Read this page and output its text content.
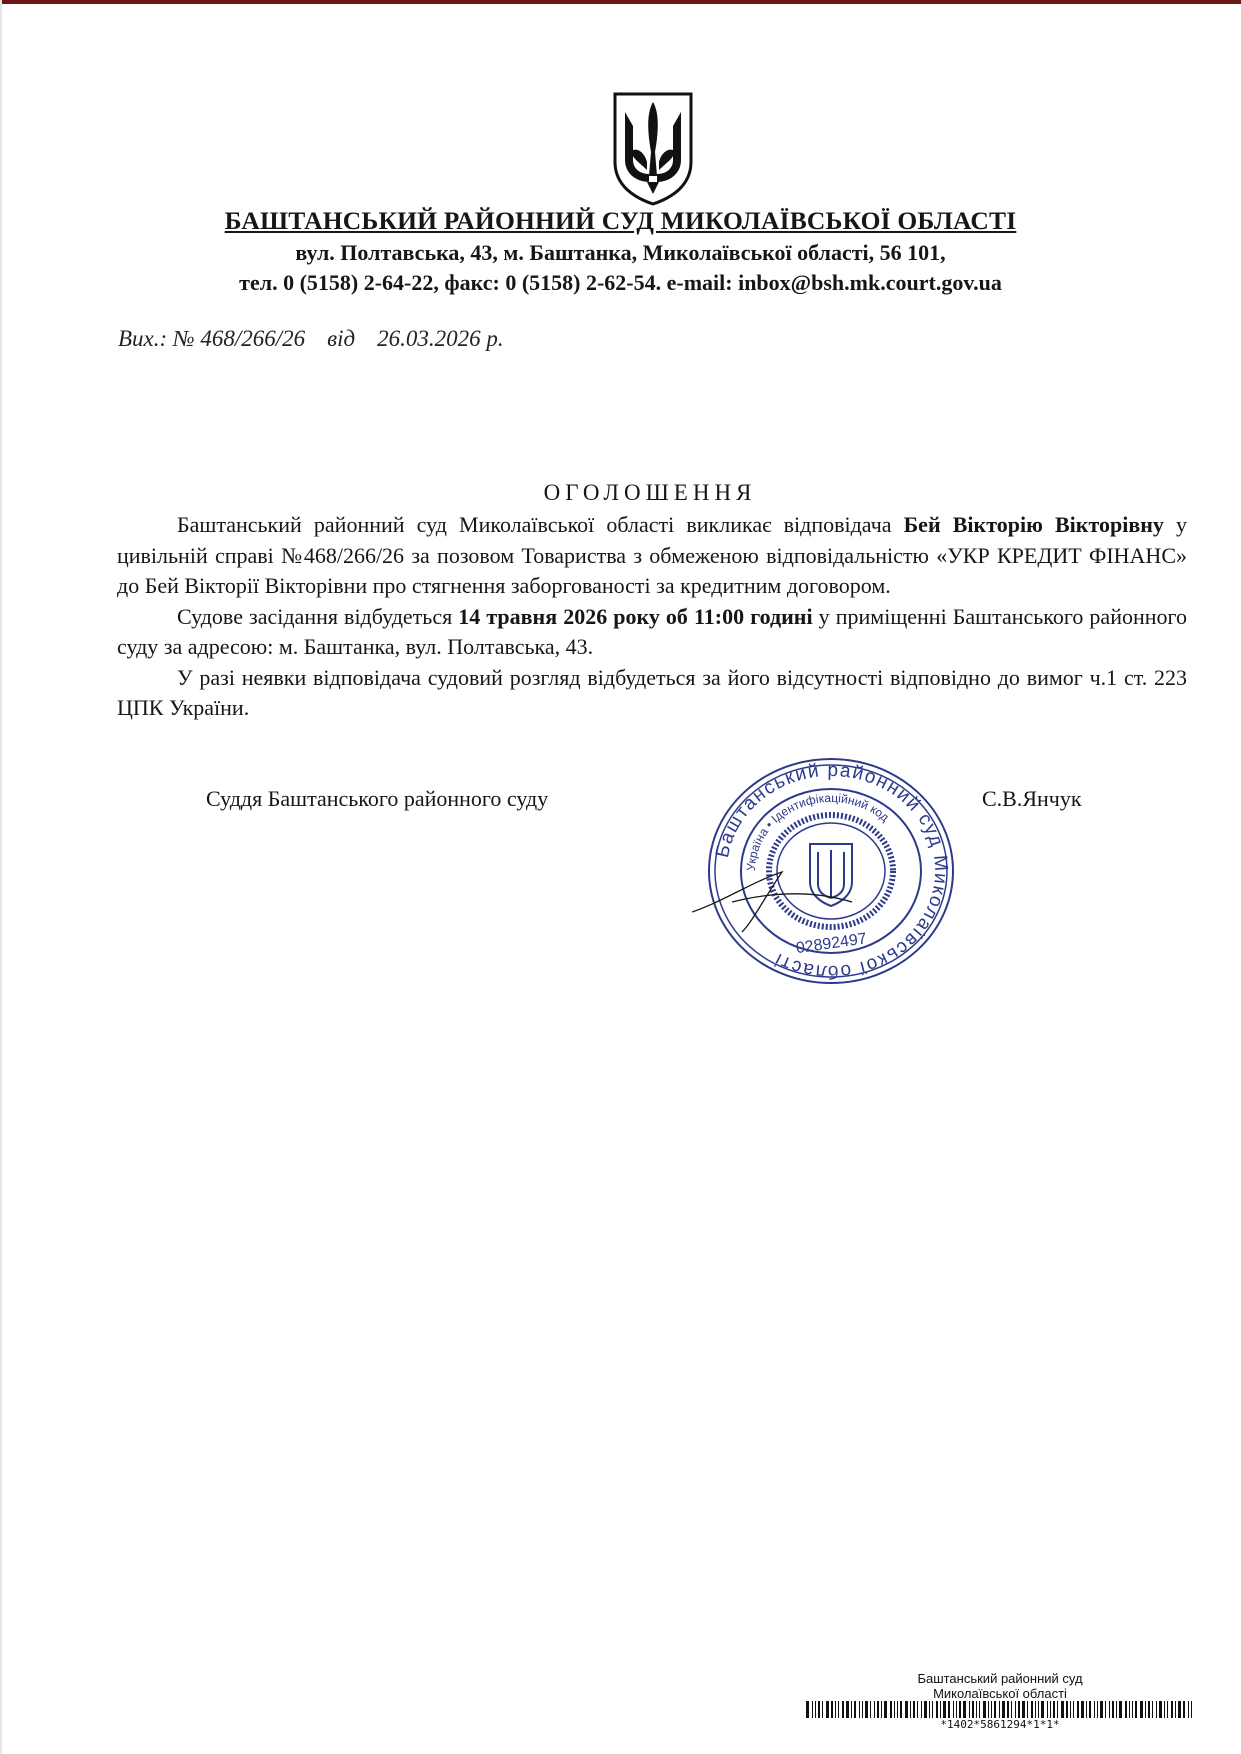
БАШТАНСЬКИЙ РАЙОННИЙ СУД МИКОЛАЇВСЬКОЇ ОБЛАСТІ
вул. Полтавська, 43, м. Баштанка, Миколаївської області, 56 101,
тел. 0 (5158) 2-64-22, факс: 0 (5158) 2-62-54. e-mail: inbox@bsh.mk.court.gov.ua
Вих.: № 468/266/26 від 26.03.2026 р.
ОГОЛОШЕННЯ

Баштанський районний суд Миколаївської області викликає відповідача Бей Вікторію Вікторівну у цивільній справі №468/266/26 за позовом Товариства з обмеженою відповідальністю «УКР КРЕДИТ ФІНАНС» до Бей Вікторії Вікторівни про стягнення заборгованості за кредитним договором.

Судове засідання відбудеться 14 травня 2026 року об 11:00 годині у приміщенні Баштанського районного суду за адресою: м. Баштанка, вул. Полтавська, 43.

У разі неявки відповідача судовий розгляд відбудеться за його відсутності відповідно до вимог ч.1 ст. 223 ЦПК України.

Суддя Баштанського районного суду	С.В.Янчук
Баштанський районний суд Миколаївської області
Україна • Ідентифікаційний код
02892497
Баштанський районний суд
Миколаївської області
*1402*5861294*1*1*
